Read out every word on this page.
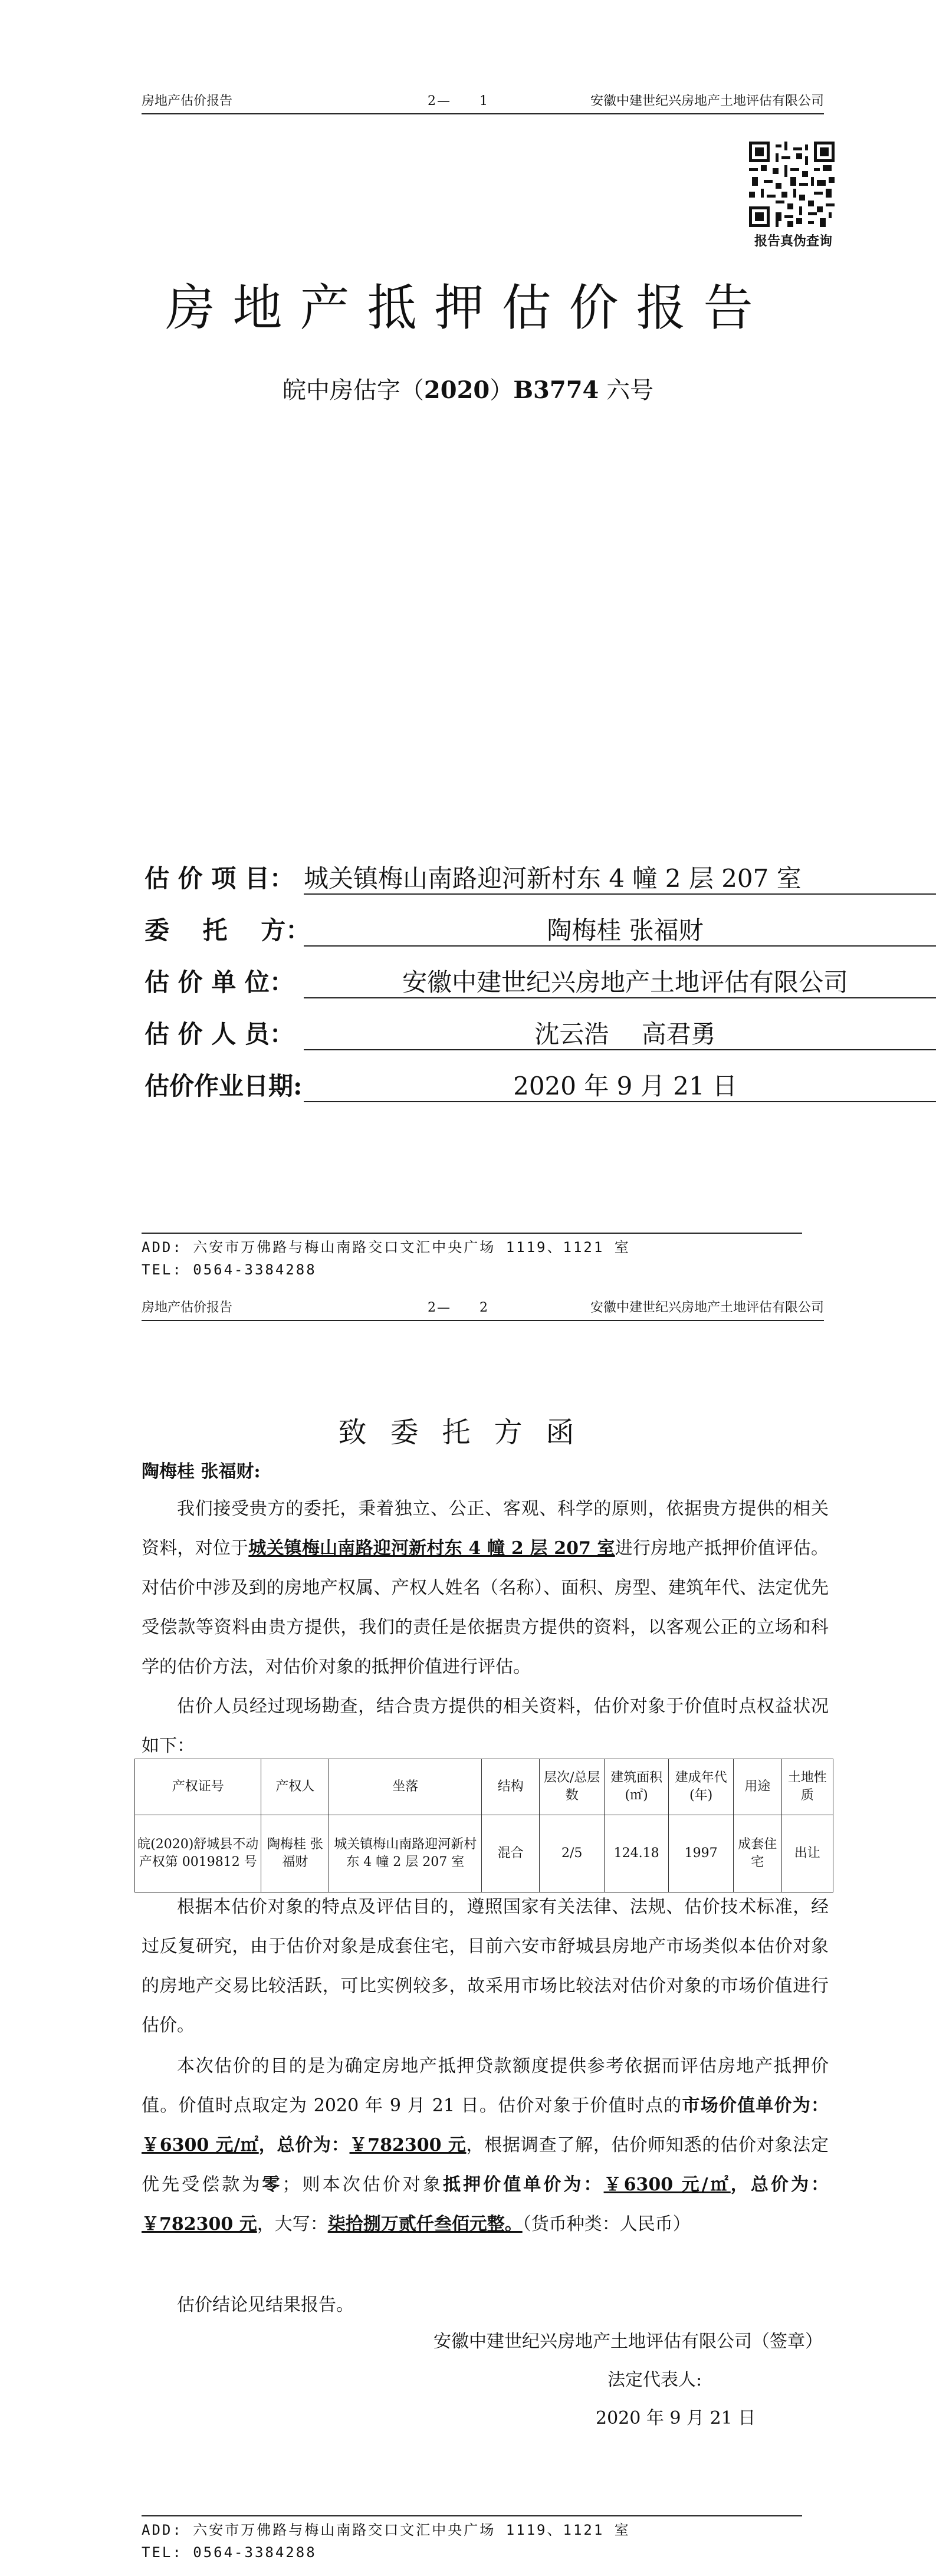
房地产估价报告	2—　　1	安徽中建世纪兴房地产土地评估有限公司
报告真伪查询
房地产抵押估价报告
皖中房估字（2020）B3774 六号
估 价 项 目： 城关镇梅山南路迎河新村东 4 幢 2 层 207 室
委　 托　 方：	陶梅桂 张福财
估 价 单 位：	安徽中建世纪兴房地产土地评估有限公司
估 价 人 员：	沈云浩　 高君勇
估价作业日期:	2020 年 9 月 21 日
ADD: 六安市万佛路与梅山南路交口文汇中央广场 1119、1121 室
TEL: 0564-3384288
房地产估价报告	2—　　2	安徽中建世纪兴房地产土地评估有限公司
致委托方函
陶梅桂 张福财:
我们接受贵方的委托，秉着独立、公正、客观、科学的原则，依据贵方提供的相关资料，对位于城关镇梅山南路迎河新村东 4 幢 2 层 207 室进行房地产抵押价值评估。对估价中涉及到的房地产权属、产权人姓名（名称）、面积、房型、建筑年代、法定优先受偿款等资料由贵方提供，我们的责任是依据贵方提供的资料，以客观公正的立场和科学的估价方法，对估价对象的抵押价值进行评估。
估价人员经过现场勘查，结合贵方提供的相关资料，估价对象于价值时点权益状况如下：
产权证号	产权人	坐落	结构	层次/总层数	建筑面积(㎡)	建成年代(年)	用途	土地性质
皖(2020)舒城县不动产权第 0019812 号	陶梅桂 张福财	城关镇梅山南路迎河新村东 4 幢 2 层 207 室	混合	2/5	124.18	1997	成套住宅	出让
根据本估价对象的特点及评估目的，遵照国家有关法律、法规、估价技术标准，经过反复研究，由于估价对象是成套住宅，目前六安市舒城县房地产市场类似本估价对象的房地产交易比较活跃，可比实例较多，故采用市场比较法对估价对象的市场价值进行估价。
本次估价的目的是为确定房地产抵押贷款额度提供参考依据而评估房地产抵押价值。价值时点取定为 2020 年 9 月 21 日。估价对象于价值时点的市场价值单价为：￥6300 元/㎡，总价为：￥782300 元，根据调查了解，估价师知悉的估价对象法定优先受偿款为零；则本次估价对象抵押价值单价为：￥6300 元/㎡，总价为：￥782300 元，大写：柒拾捌万贰仟叁佰元整。（货币种类：人民币）
估价结论见结果报告。
安徽中建世纪兴房地产土地评估有限公司（签章）
法定代表人:
2020 年 9 月 21 日
ADD: 六安市万佛路与梅山南路交口文汇中央广场 1119、1121 室
TEL: 0564-3384288
